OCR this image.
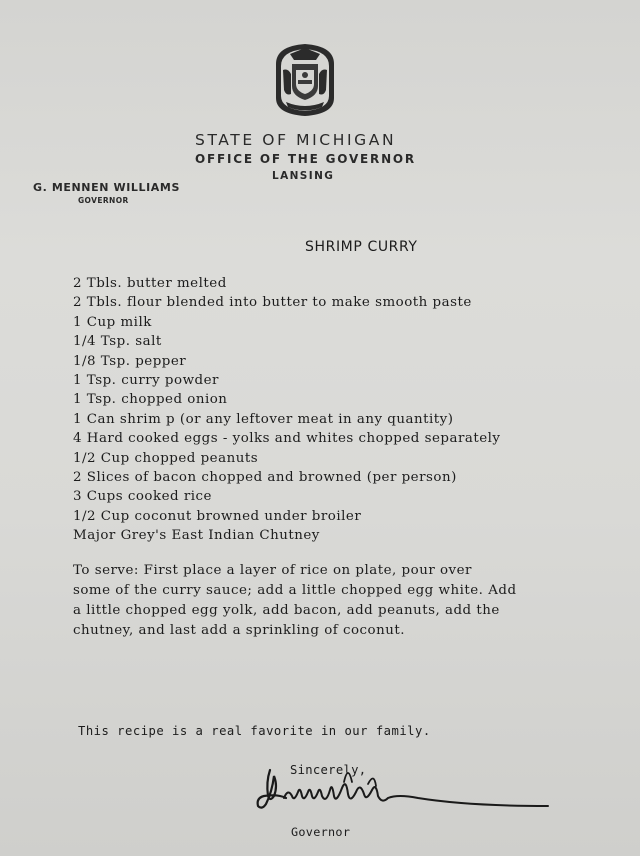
STATE OF MICHIGAN
OFFICE OF THE GOVERNOR
LANSING
G. MENNEN WILLIAMS
GOVERNOR
SHRIMP CURRY
2 Tbls. butter melted
2 Tbls. flour blended into butter to make smooth paste
1 Cup milk
1/4 Tsp. salt
1/8 Tsp. pepper
1 Tsp. curry powder
1 Tsp. chopped onion
1 Can shrim p (or any leftover meat in any quantity)
4 Hard cooked eggs - yolks and whites chopped separately
1/2 Cup chopped peanuts
2 Slices of bacon chopped and browned (per person)
3 Cups cooked rice
1/2 Cup coconut browned under broiler
Major Grey's East Indian Chutney

To serve: First place a layer of rice on plate, pour over
some of the curry sauce; add a little chopped egg white. Add
a little chopped egg yolk, add bacon, add peanuts, add the
chutney, and last add a sprinkling of coconut.

This recipe is a real favorite in our family.
Sincerely,
Governor
